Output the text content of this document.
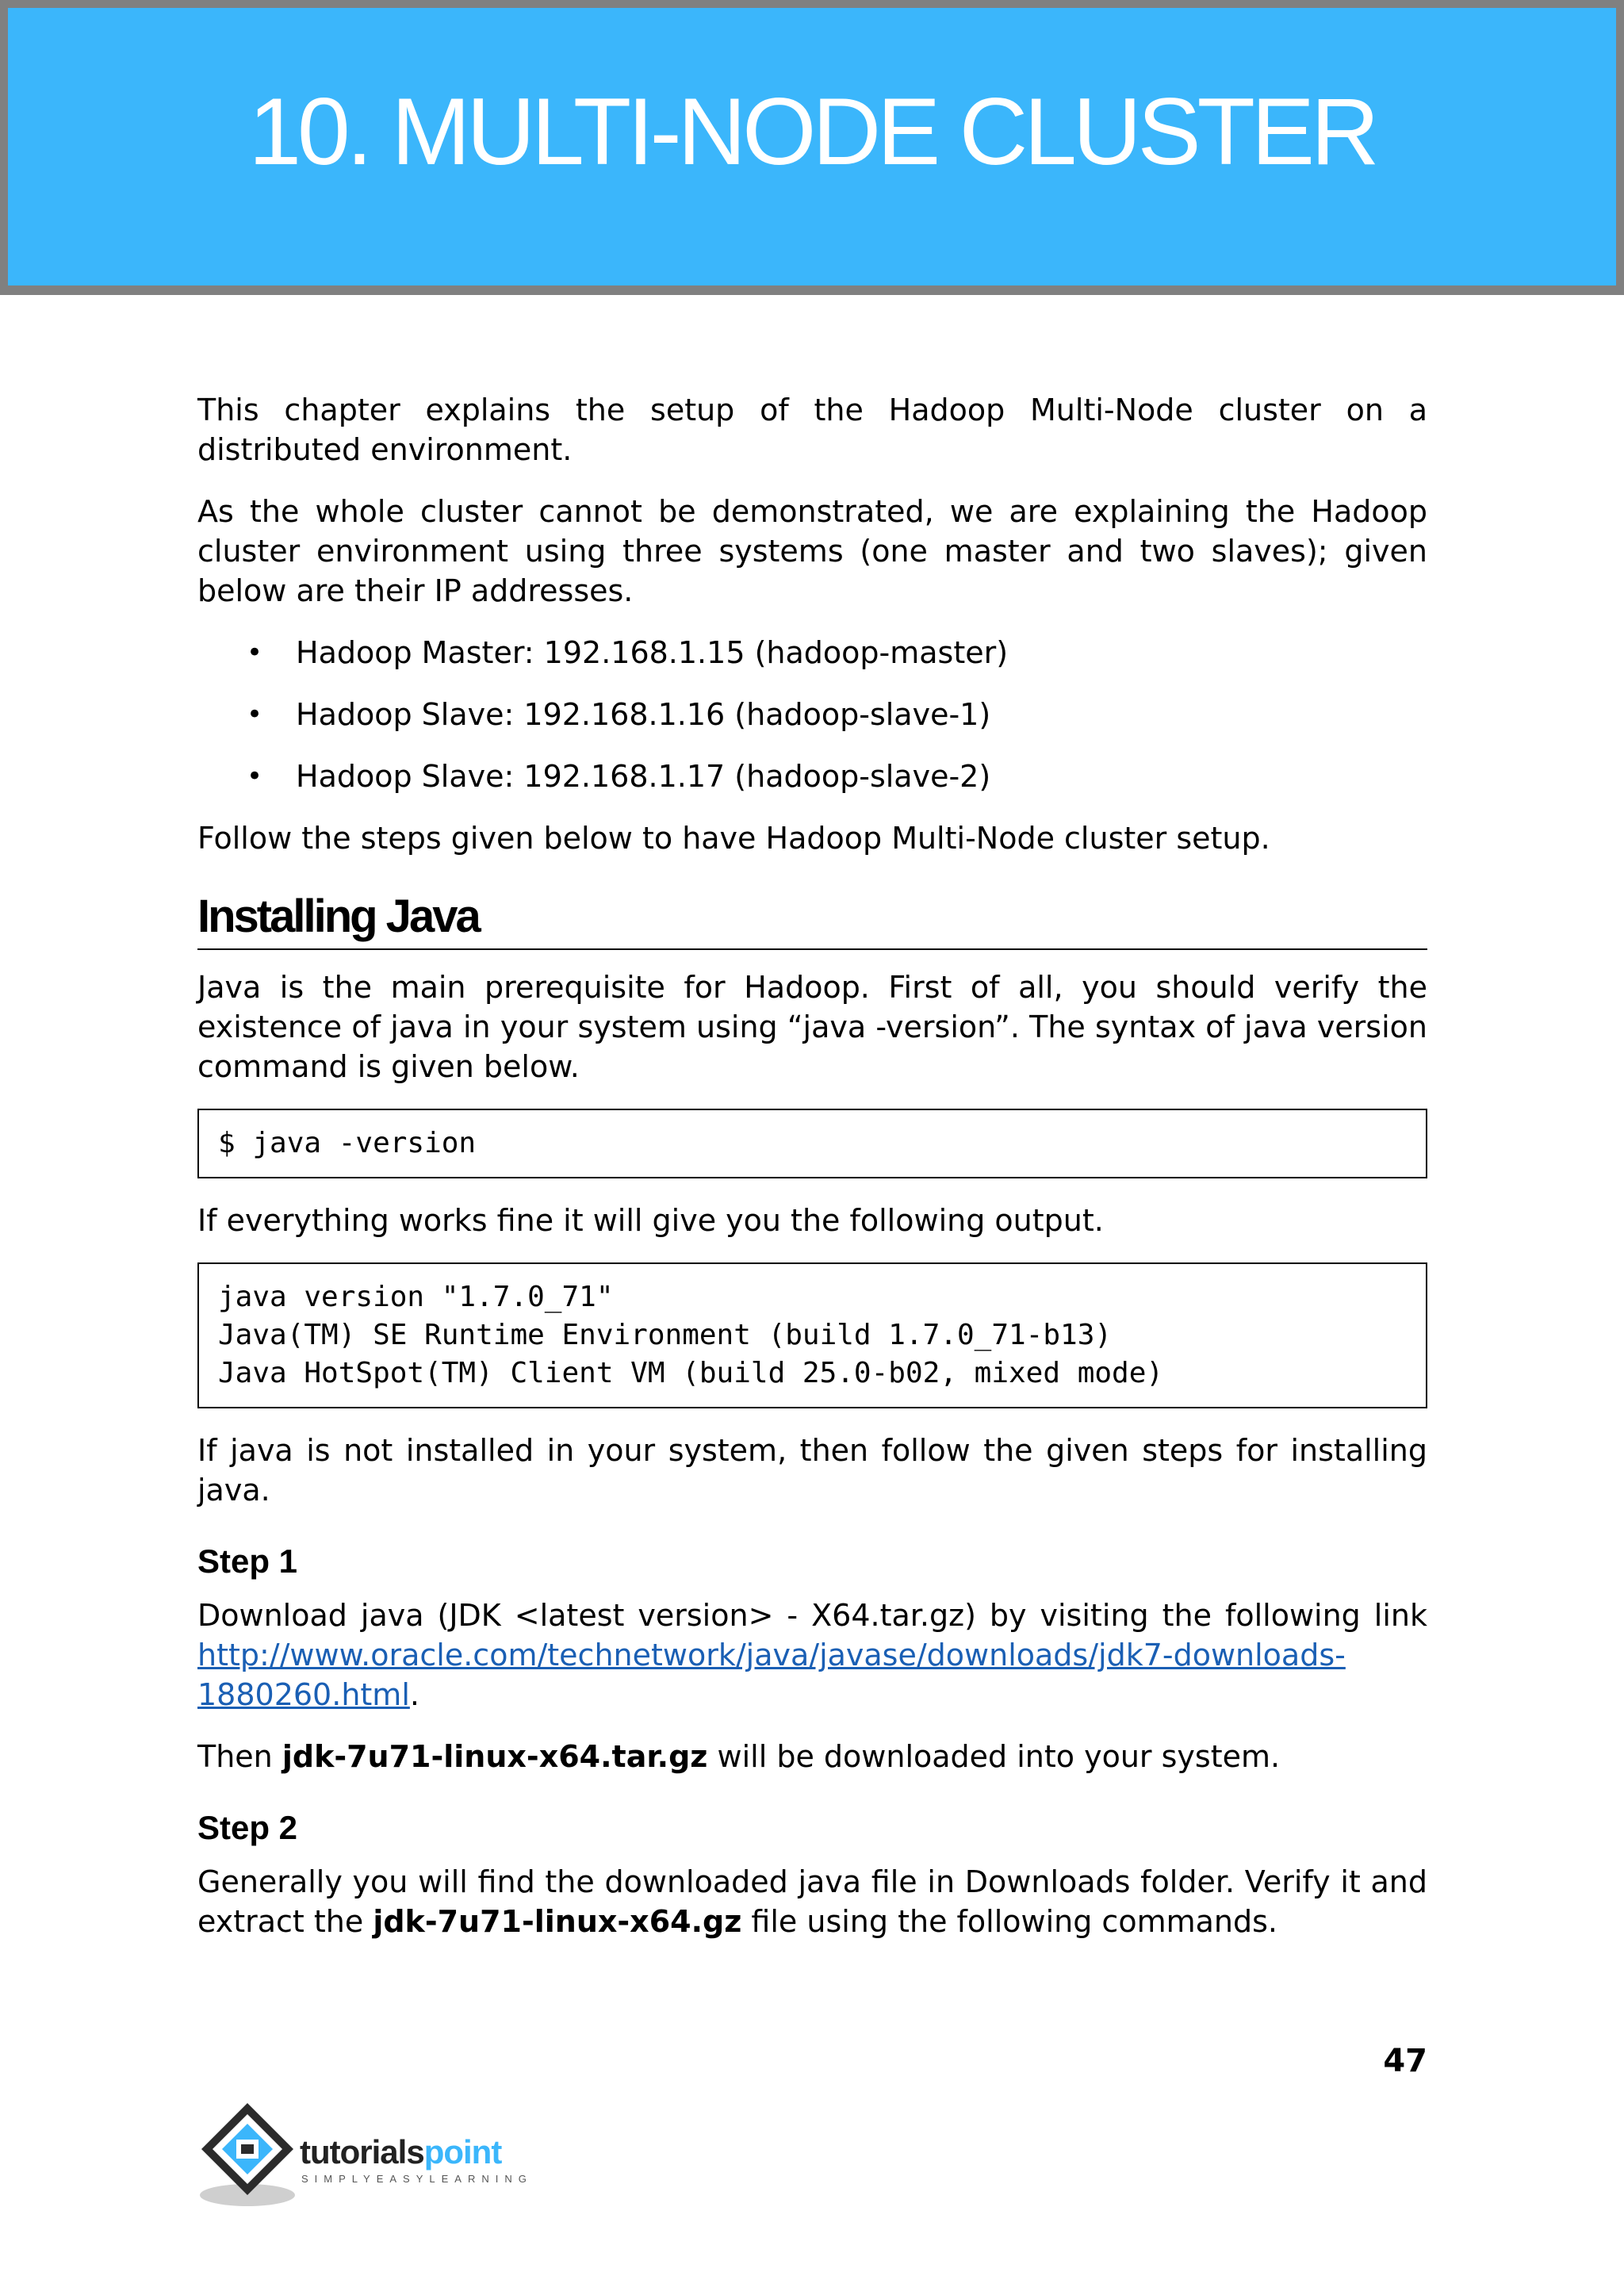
10. MULTI-NODE CLUSTER

This chapter explains the setup of the Hadoop Multi-Node cluster on a distributed environment.

As the whole cluster cannot be demonstrated, we are explaining the Hadoop cluster environment using three systems (one master and two slaves); given below are their IP addresses.

• Hadoop Master: 192.168.1.15 (hadoop-master)
• Hadoop Slave: 192.168.1.16 (hadoop-slave-1)
• Hadoop Slave: 192.168.1.17 (hadoop-slave-2)

Follow the steps given below to have Hadoop Multi-Node cluster setup.

Installing Java

Java is the main prerequisite for Hadoop. First of all, you should verify the existence of java in your system using “java -version”. The syntax of java version command is given below.

$ java -version

If everything works fine it will give you the following output.

java version "1.7.0_71"
Java(TM) SE Runtime Environment (build 1.7.0_71-b13)
Java HotSpot(TM) Client VM (build 25.0-b02, mixed mode)

If java is not installed in your system, then follow the given steps for installing java.

Step 1

Download java (JDK <latest version> - X64.tar.gz) by visiting the following link http://www.oracle.com/technetwork/java/javase/downloads/jdk7-downloads-1880260.html.

Then jdk-7u71-linux-x64.tar.gz will be downloaded into your system.

Step 2

Generally you will find the downloaded java file in Downloads folder. Verify it and extract the jdk-7u71-linux-x64.gz file using the following commands.

47
tutorialspoint
SIMPLYEASYLEARNING
